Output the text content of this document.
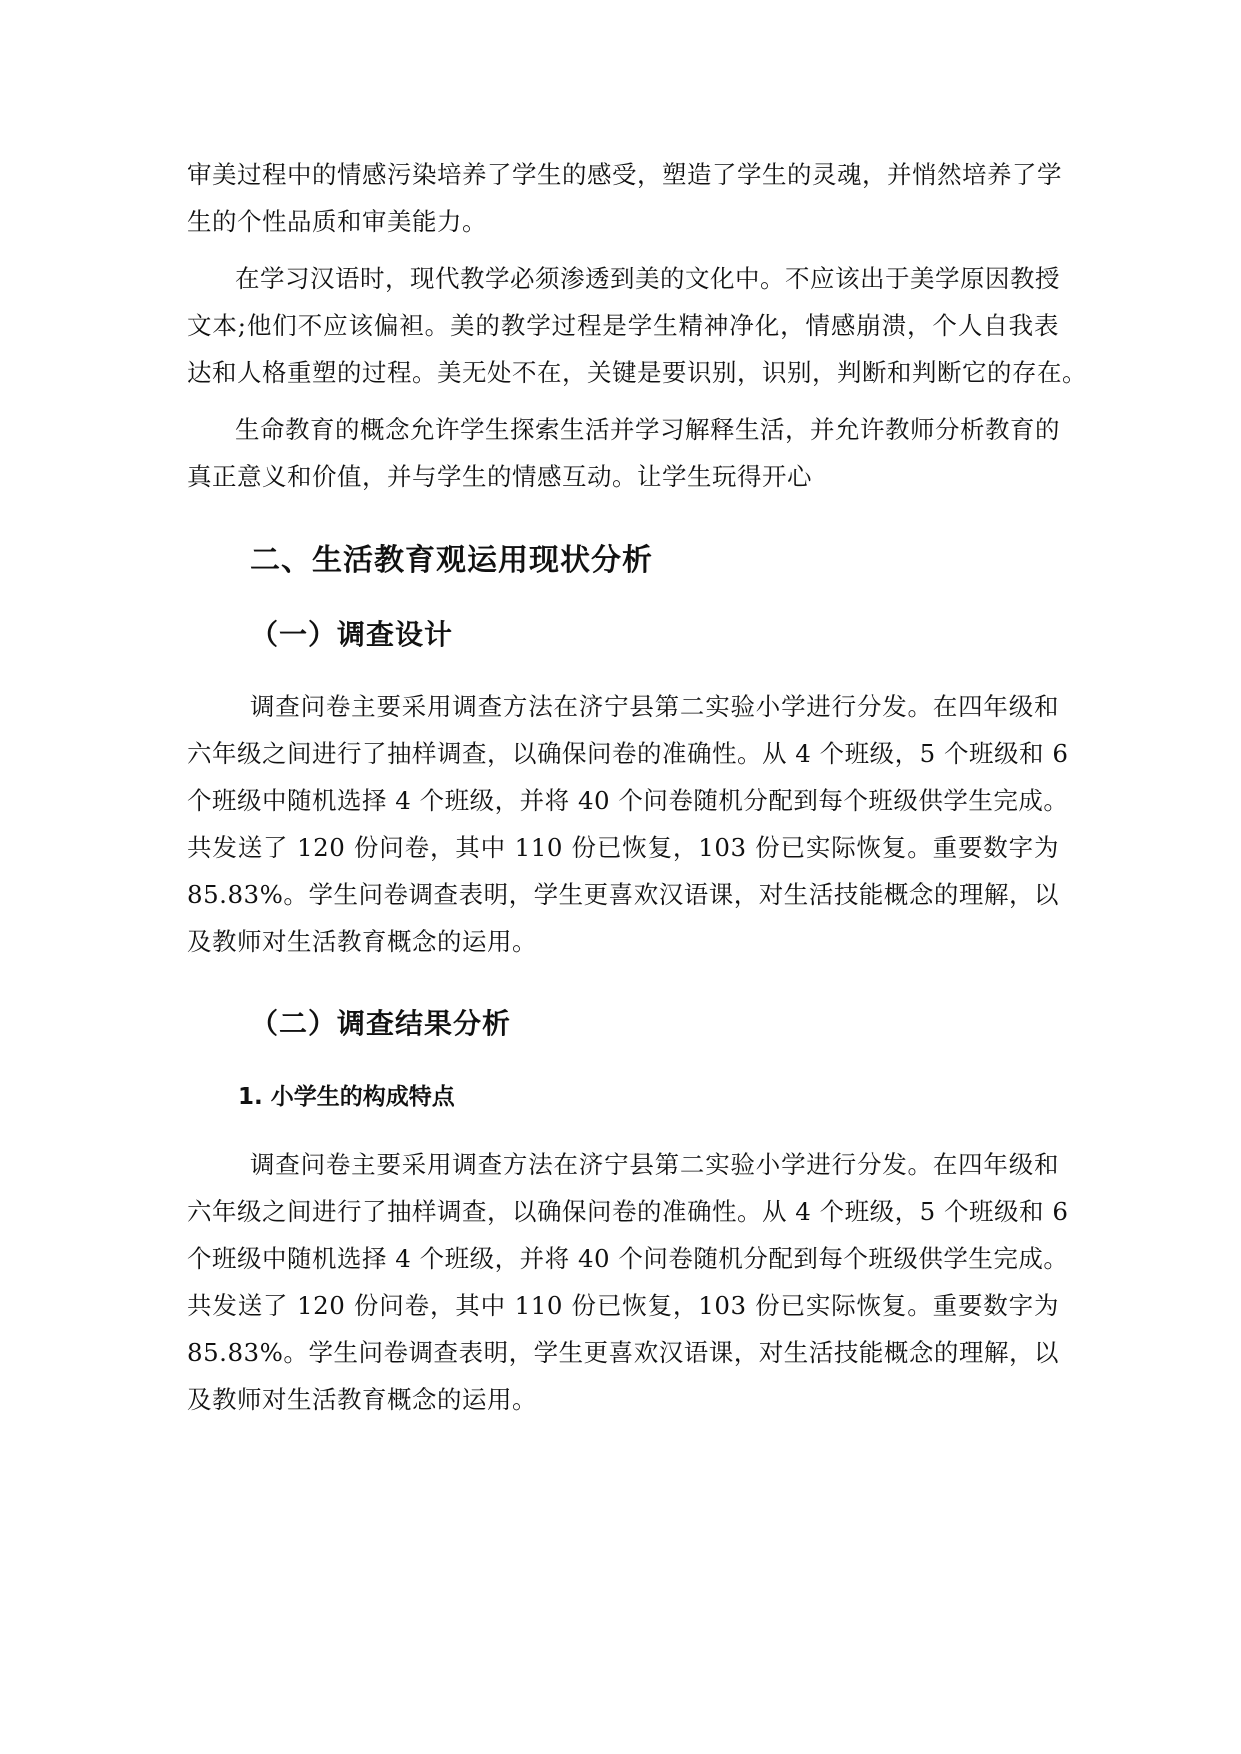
审美过程中的情感污染培养了学生的感受，塑造了学生的灵魂，并悄然培养了学
生的个性品质和审美能力。
在学习汉语时，现代教学必须渗透到美的文化中。不应该出于美学原因教授
文本;他们不应该偏袒。美的教学过程是学生精神净化，情感崩溃，个人自我表
达和人格重塑的过程。美无处不在，关键是要识别，识别，判断和判断它的存在。
生命教育的概念允许学生探索生活并学习解释生活，并允许教师分析教育的
真正意义和价值，并与学生的情感互动。让学生玩得开心
二、生活教育观运用现状分析
（一）调查设计
调查问卷主要采用调查方法在济宁县第二实验小学进行分发。在四年级和
六年级之间进行了抽样调查，以确保问卷的准确性。从 4 个班级，5 个班级和 6
个班级中随机选择 4 个班级，并将 40 个问卷随机分配到每个班级供学生完成。
共发送了 120 份问卷，其中 110 份已恢复，103 份已实际恢复。重要数字为
85.83%。学生问卷调查表明，学生更喜欢汉语课，对生活技能概念的理解，以
及教师对生活教育概念的运用。
（二）调查结果分析
1. 小学生的构成特点
调查问卷主要采用调查方法在济宁县第二实验小学进行分发。在四年级和
六年级之间进行了抽样调查，以确保问卷的准确性。从 4 个班级，5 个班级和 6
个班级中随机选择 4 个班级，并将 40 个问卷随机分配到每个班级供学生完成。
共发送了 120 份问卷，其中 110 份已恢复，103 份已实际恢复。重要数字为
85.83%。学生问卷调查表明，学生更喜欢汉语课，对生活技能概念的理解，以
及教师对生活教育概念的运用。
